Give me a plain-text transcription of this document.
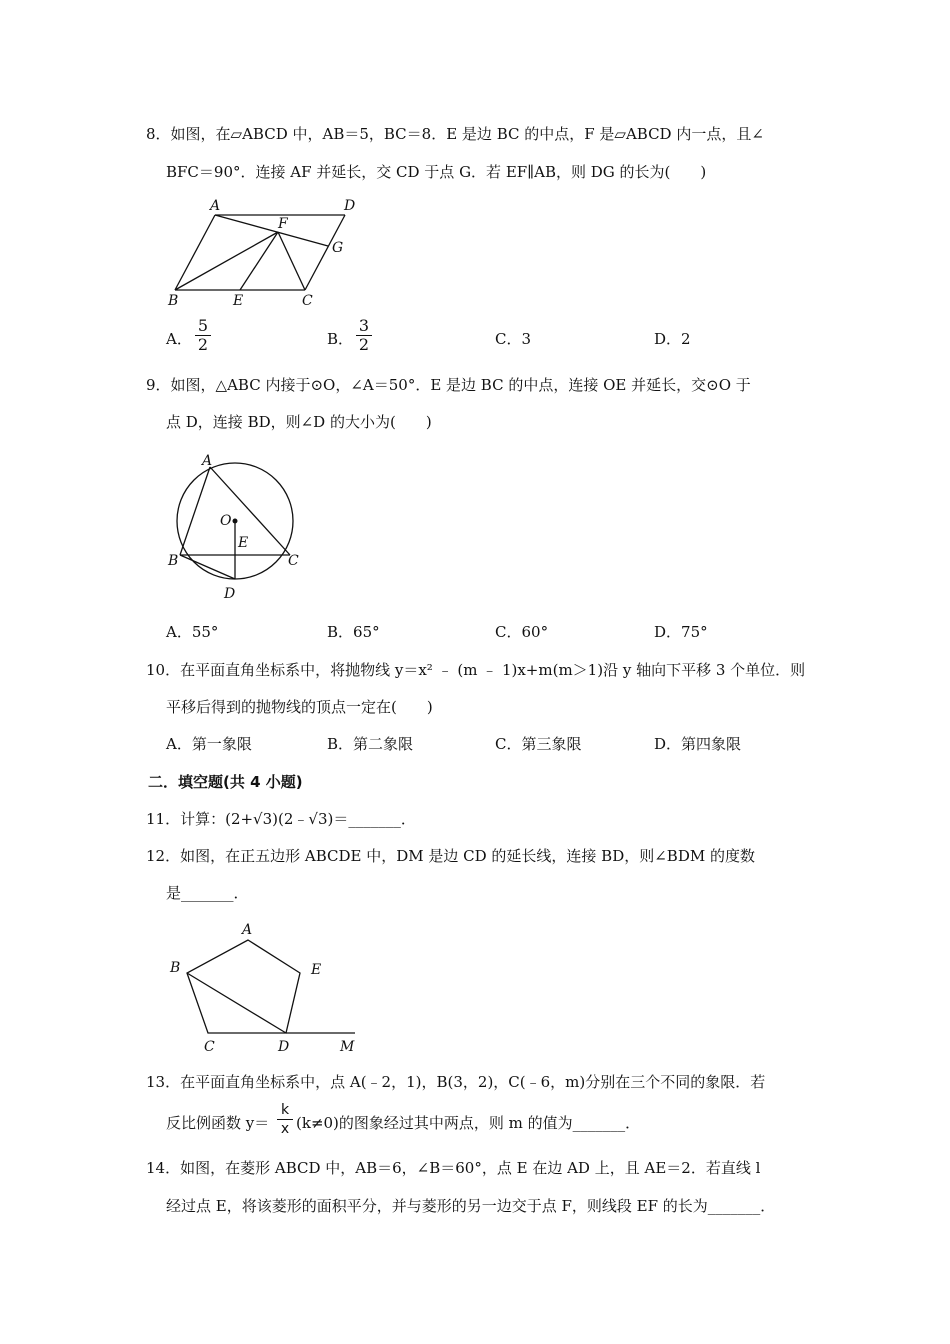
8．如图，在▱ABCD 中，AB＝5，BC＝8．E 是边 BC 的中点，F 是▱ABCD 内一点，且∠
BFC＝90°．连接 AF 并延长，交 CD 于点 G．若 EF∥AB，则 DG 的长为(　　)
A	D
F
G
B	E	C
A．
5
2	B．
3
2	C．3	D．2
9．如图，△ABC 内接于⊙O，∠A＝50°．E 是边 BC 的中点，连接 OE 并延长，交⊙O 于
点 D，连接 BD，则∠D 的大小为(　　)
A
O
E
B	C
D
A．55°	B．65°	C．60°	D．75°
10．在平面直角坐标系中，将抛物线 y＝x² ﹣ (m ﹣ 1)x+m(m＞1)沿 y 轴向下平移 3 个单位．则
平移后得到的抛物线的顶点一定在(　　)
A．第一象限	B．第二象限	C．第三象限	D．第四象限
二．填空题(共 4 小题)
11．计算：(2+√3)(2﹣√3)＝_______．
12．如图，在正五边形 ABCDE 中，DM 是边 CD 的延长线，连接 BD，则∠BDM 的度数
是_______．
A
B	E
C	D	M
13．在平面直角坐标系中，点 A(﹣2，1)，B(3，2)，C(﹣6，m)分别在三个不同的象限．若
反比例函数 y＝
k
x (k≠0)的图象经过其中两点，则 m 的值为_______．
14．如图，在菱形 ABCD 中，AB＝6，∠B＝60°，点 E 在边 AD 上，且 AE＝2．若直线 l
经过点 E，将该菱形的面积平分，并与菱形的另一边交于点 F，则线段 EF 的长为_______．
